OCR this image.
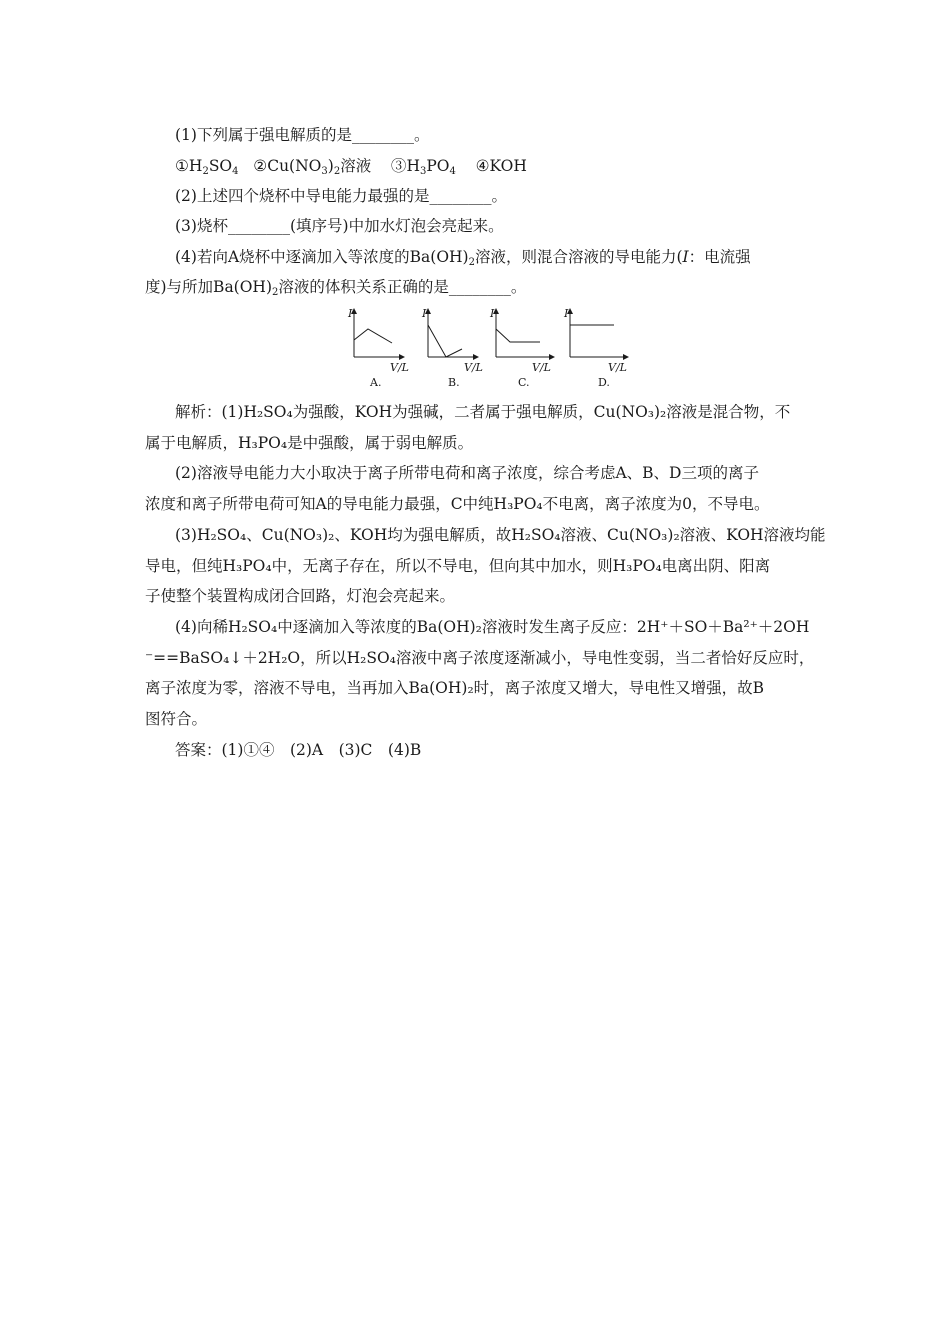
(1)下列属于强电解质的是________。
$①H_2SO_4$ $②Cu(NO_3)_2$溶液 $③H_3PO_4$ ④KOH
(2)上述四个烧杯中导电能力最强的是________。
(3)烧杯________(填序号)中加水灯泡会亮起来。
(4)若向A烧杯中逐滴加入等浓度的$Ba(OH)_2$溶液，则混合溶液的导电能力(I：电流强
度)与所加$Ba(OH)_2$溶液的体积关系正确的是________。
I
V/L
A.
I
V/L
B.
I
V/L
C.
I
V/L
D.
解析：(1)H₂SO₄为强酸，KOH为强碱，二者属于强电解质，Cu(NO₃)₂溶液是混合物，不
属于电解质，H₃PO₄是中强酸，属于弱电解质。
(2)溶液导电能力大小取决于离子所带电荷和离子浓度，综合考虑A、B、D三项的离子
浓度和离子所带电荷可知A的导电能力最强，C中纯H₃PO₄不电离，离子浓度为0，不导电。
(3)H₂SO₄、Cu(NO₃)₂、KOH均为强电解质，故H₂SO₄溶液、Cu(NO₃)₂溶液、KOH溶液均能
导电，但纯H₃PO₄中，无离子存在，所以不导电，但向其中加水，则H₃PO₄电离出阴、阳离
子使整个装置构成闭合回路，灯泡会亮起来。
(4)向稀H₂SO₄中逐滴加入等浓度的Ba(OH)₂溶液时发生离子反应：2H⁺＋SO＋Ba²⁺＋2OH
⁻==BaSO₄↓＋2H₂O，所以H₂SO₄溶液中离子浓度逐渐减小，导电性变弱，当二者恰好反应时，
离子浓度为零，溶液不导电，当再加入Ba(OH)₂时，离子浓度又增大，导电性又增强，故B
图符合。
答案：(1)①④　(2)A　(3)C　(4)B
